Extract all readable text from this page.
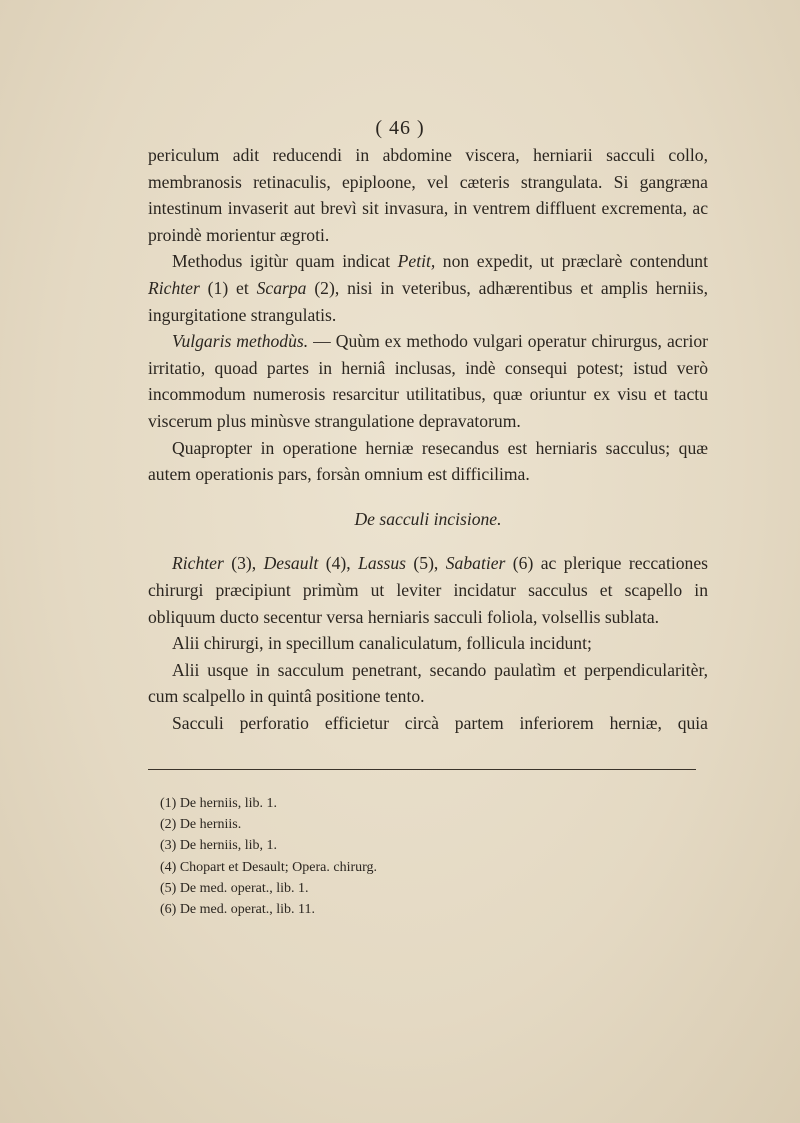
( 46 )

periculum adit reducendi in abdomine viscera, herniarii sacculi collo, membranosis retinaculis, epiploone, vel cæteris strangulata. Si gangræna intestinum invaserit aut brevì sit invasura, in ventrem diffluent excrementa, ac proindè morientur ægroti.

Methodus igitùr quam indicat Petit, non expedit, ut præclarè contendunt Richter (1) et Scarpa (2), nisi in veteribus, adhærentibus et amplis herniis, ingurgitatione strangulatis.

Vulgaris methodùs. — Quùm ex methodo vulgari operatur chirurgus, acrior irritatio, quoad partes in herniâ inclusas, indè consequi potest; istud verò incommodum numerosis resarcitur utilitatibus, quæ oriuntur ex visu et tactu viscerum plus minùsve strangulatione depravatorum.

Quapropter in operatione herniæ resecandus est herniaris sacculus; quæ autem operationis pars, forsàn omnium est difficilima.

De sacculi incisione.

Richter (3), Desault (4), Lassus (5), Sabatier (6) ac plerique reccationes chirurgi præcipiunt primùm ut leviter incidatur sacculus et scapello in obliquum ducto secentur versa herniaris sacculi foliola, volsellis sublata.

Alii chirurgi, in specillum canaliculatum, follicula incidunt;

Alii usque in sacculum penetrant, secando paulatìm et perpendicularitèr, cum scalpello in quintâ positione tento.

Sacculi perforatio efficietur circà partem inferiorem herniæ, quia

(1) De herniis, lib. 1.
(2) De herniis.
(3) De herniis, lib, 1.
(4) Chopart et Desault; Opera. chirurg.
(5) De med. operat., lib. 1.
(6) De med. operat., lib. 11.
